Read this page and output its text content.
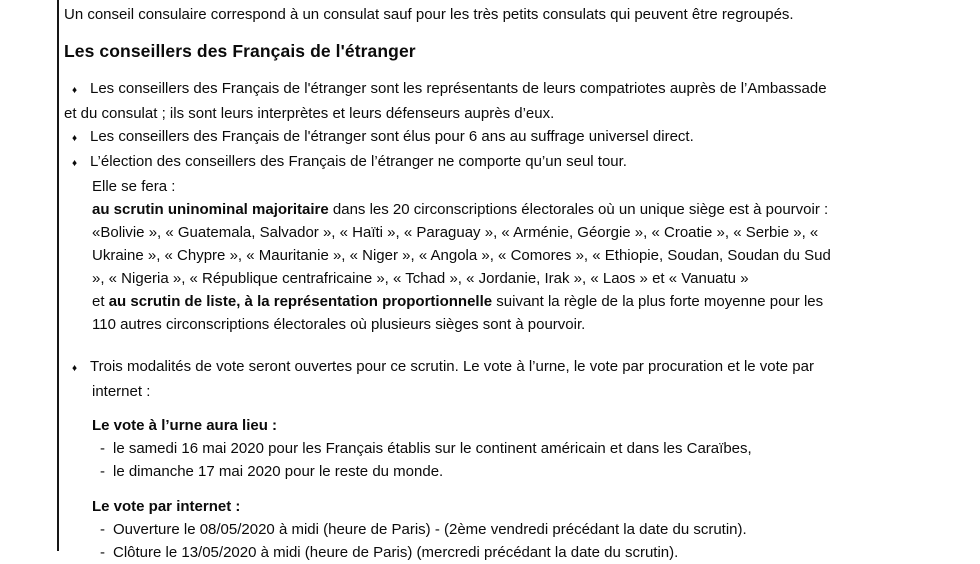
Un conseil consulaire correspond à un consulat sauf pour les très petits consulats qui peuvent être regroupés.
Les conseillers des Français de l'étranger
♦ Les conseillers des Français de l'étranger sont les représentants de leurs compatriotes auprès de l’Ambassade
et du consulat ; ils sont leurs interprètes et leurs défenseurs auprès d’eux.
♦ Les conseillers des Français de l'étranger sont élus pour 6 ans au suffrage universel direct.
♦ L’élection des conseillers des Français de l’étranger ne comporte qu’un seul tour.
Elle se fera :
au scrutin uninominal majoritaire dans les 20 circonscriptions électorales où un unique siège est à pourvoir :
«Bolivie », « Guatemala, Salvador », « Haïti », « Paraguay », « Arménie, Géorgie », « Croatie », « Serbie », «
Ukraine », « Chypre », « Mauritanie », « Niger », « Angola », « Comores », « Ethiopie, Soudan, Soudan du Sud
», « Nigeria », « République centrafricaine », « Tchad », « Jordanie, Irak », « Laos » et « Vanuatu »
et au scrutin de liste, à la représentation proportionnelle suivant la règle de la plus forte moyenne pour les
110 autres circonscriptions électorales où plusieurs sièges sont à pourvoir.
♦ Trois modalités de vote seront ouvertes pour ce scrutin. Le vote à l’urne, le vote par procuration et le vote par
internet :
Le vote à l’urne aura lieu :
- le samedi 16 mai 2020 pour les Français établis sur le continent américain et dans les Caraïbes,
- le dimanche 17 mai 2020 pour le reste du monde.
Le vote par internet :
- Ouverture le 08/05/2020 à midi (heure de Paris) - (2ème vendredi précédant la date du scrutin).
- Clôture le 13/05/2020 à midi (heure de Paris) (mercredi précédant la date du scrutin).
